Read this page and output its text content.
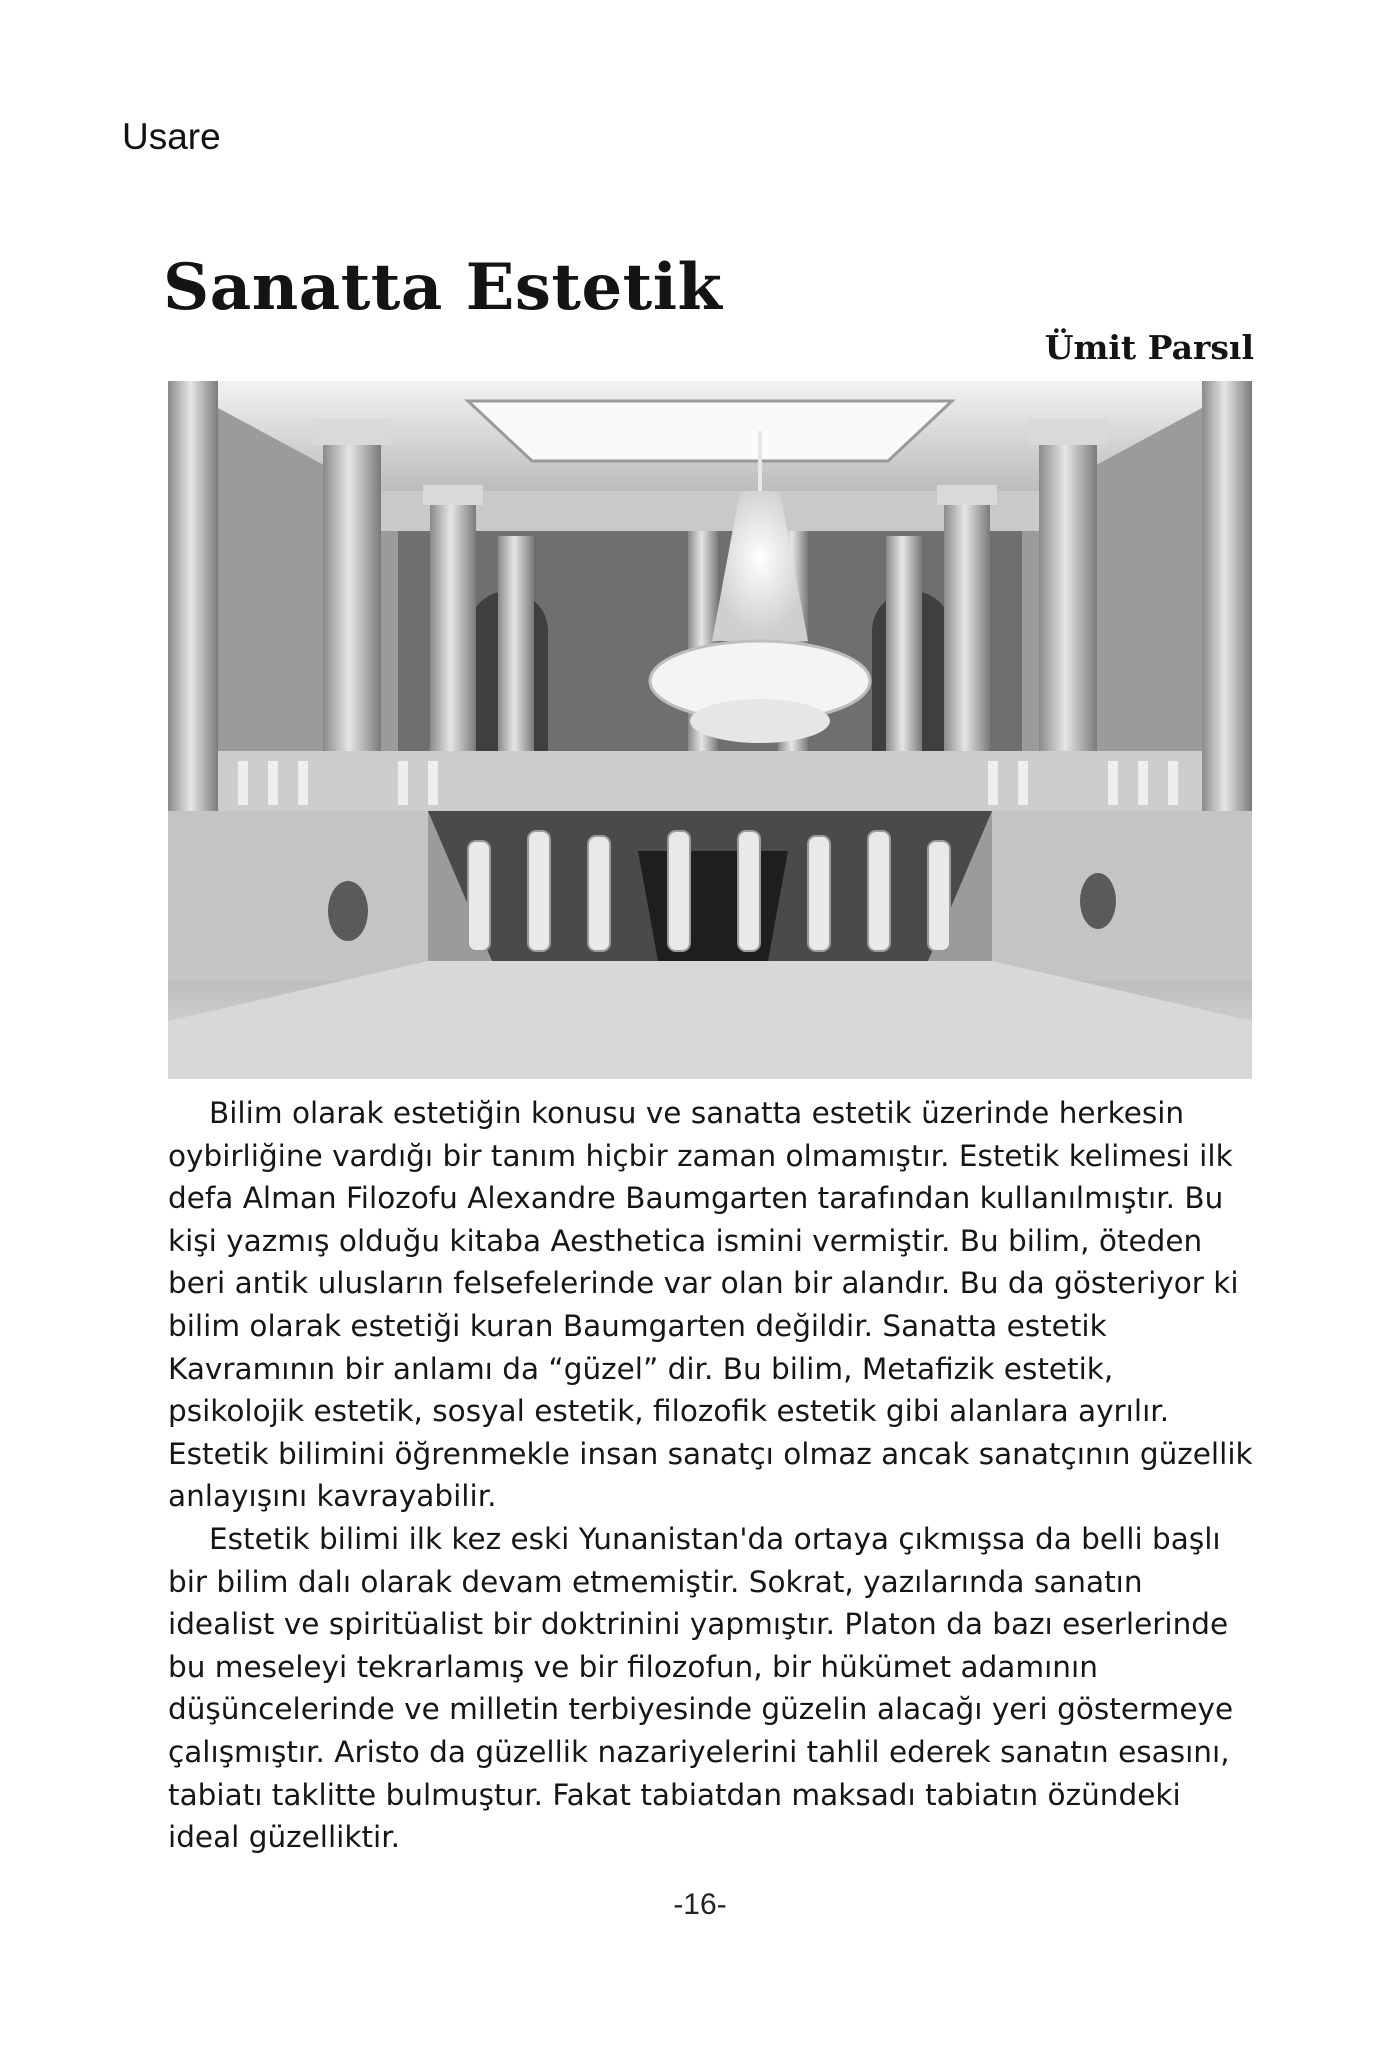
Usare
Sanatta Estetik
Ümit Parsıl

Bilim olarak estetiğin konusu ve sanatta estetik üzerinde herkesin oybirliğine vardığı bir tanım hiçbir zaman olmamıştır. Estetik kelimesi ilk defa Alman Filozofu Alexandre Baumgarten tarafından kullanılmıştır. Bu kişi yazmış olduğu kitaba Aesthetica ismini vermiştir. Bu bilim, öteden beri antik ulusların felsefelerinde var olan bir alandır. Bu da gösteriyor ki bilim olarak estetiği kuran Baumgarten değildir. Sanatta estetik Kavramının bir anlamı da “güzel” dir. Bu bilim, Metafizik estetik, psikolojik estetik, sosyal estetik, filozofik estetik gibi alanlara ayrılır. Estetik bilimini öğrenmekle insan sanatçı olmaz ancak sanatçının güzellik anlayışını kavrayabilir.

Estetik bilimi ilk kez eski Yunanistan'da ortaya çıkmışsa da belli başlı bir bilim dalı olarak devam etmemiştir. Sokrat, yazılarında sanatın idealist ve spiritüalist bir doktrinini yapmıştır. Platon da bazı eserlerinde bu meseleyi tekrarlamış ve bir filozofun, bir hükümet adamının düşüncelerinde ve milletin terbiyesinde güzelin alacağı yeri göstermeye çalışmıştır. Aristo da güzellik nazariyelerini tahlil ederek sanatın esasını, tabiatı taklitte bulmuştur. Fakat tabiatdan maksadı tabiatın özündeki ideal güzelliktir.

-16-
